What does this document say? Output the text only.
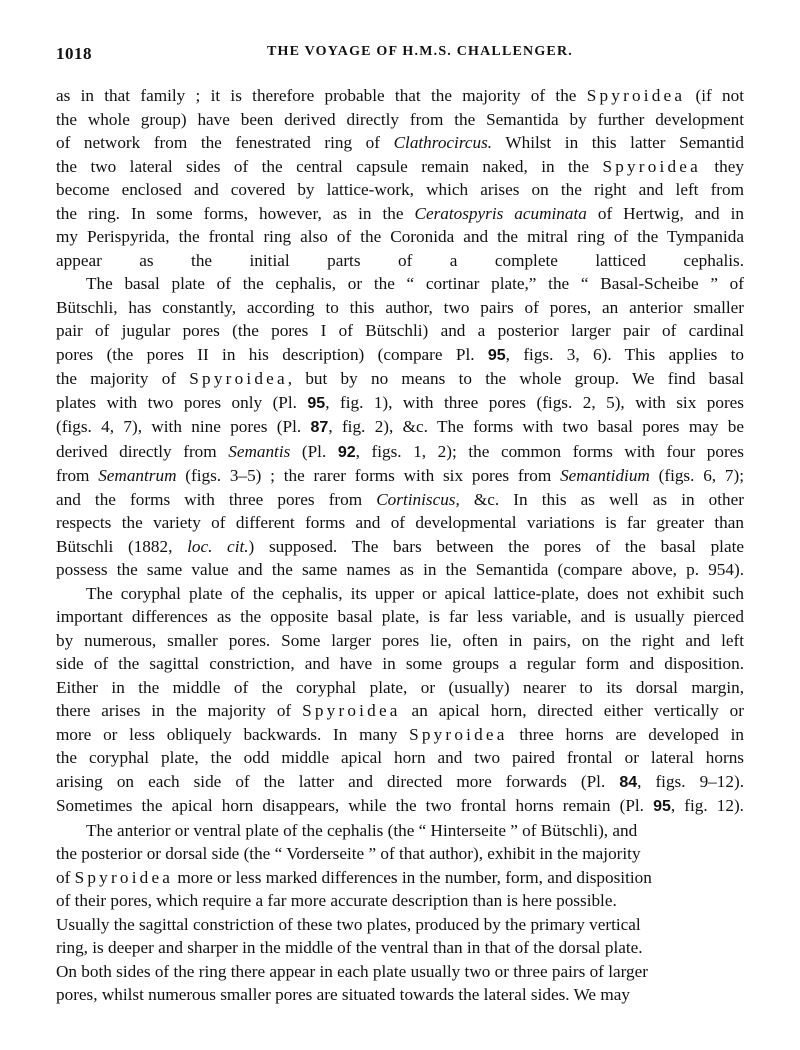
1018	THE VOYAGE OF H.M.S. CHALLENGER.

as in that family ; it is therefore probable that the majority of the Spyroidea (if not
the whole group) have been derived directly from the Semantida by further development
of network from the fenestrated ring of Clathrocircus. Whilst in this latter Semantid
the two lateral sides of the central capsule remain naked, in the Spyroidea they
become enclosed and covered by lattice-work, which arises on the right and left from
the ring. In some forms, however, as in the Ceratospyris acuminata of Hertwig, and in
my Perispyrida, the frontal ring also of the Coronida and the mitral ring of the Tympanida
appear as the initial parts of a complete latticed cephalis.

The basal plate of the cephalis, or the “ cortinar plate,” the “ Basal-Scheibe ” of
Bütschli, has constantly, according to this author, two pairs of pores, an anterior smaller
pair of jugular pores (the pores I of Bütschli) and a posterior larger pair of cardinal
pores (the pores II in his description) (compare Pl. 95, figs. 3, 6). This applies to
the majority of Spyroidea, but by no means to the whole group. We find basal
plates with two pores only (Pl. 95, fig. 1), with three pores (figs. 2, 5), with six pores
(figs. 4, 7), with nine pores (Pl. 87, fig. 2), &c. The forms with two basal pores may be
derived directly from Semantis (Pl. 92, figs. 1, 2); the common forms with four pores
from Semantrum (figs. 3–5) ; the rarer forms with six pores from Semantidium (figs. 6, 7);
and the forms with three pores from Cortiniscus, &c. In this as well as in other
respects the variety of different forms and of developmental variations is far greater than
Bütschli (1882, loc. cit.) supposed. The bars between the pores of the basal plate
possess the same value and the same names as in the Semantida (compare above, p. 954).

The coryphal plate of the cephalis, its upper or apical lattice-plate, does not exhibit such
important differences as the opposite basal plate, is far less variable, and is usually pierced
by numerous, smaller pores. Some larger pores lie, often in pairs, on the right and left
side of the sagittal constriction, and have in some groups a regular form and disposition.
Either in the middle of the coryphal plate, or (usually) nearer to its dorsal margin,
there arises in the majority of Spyroidea an apical horn, directed either vertically or
more or less obliquely backwards. In many Spyroidea three horns are developed in
the coryphal plate, the odd middle apical horn and two paired frontal or lateral horns
arising on each side of the latter and directed more forwards (Pl. 84, figs. 9–12).
Sometimes the apical horn disappears, while the two frontal horns remain (Pl. 95, fig. 12).

The anterior or ventral plate of the cephalis (the “ Hinterseite ” of Bütschli), and
the posterior or dorsal side (the “ Vorderseite ” of that author), exhibit in the majority
of Spyroidea more or less marked differences in the number, form, and disposition
of their pores, which require a far more accurate description than is here possible.
Usually the sagittal constriction of these two plates, produced by the primary vertical
ring, is deeper and sharper in the middle of the ventral than in that of the dorsal plate.
On both sides of the ring there appear in each plate usually two or three pairs of larger
pores, whilst numerous smaller pores are situated towards the lateral sides. We may
